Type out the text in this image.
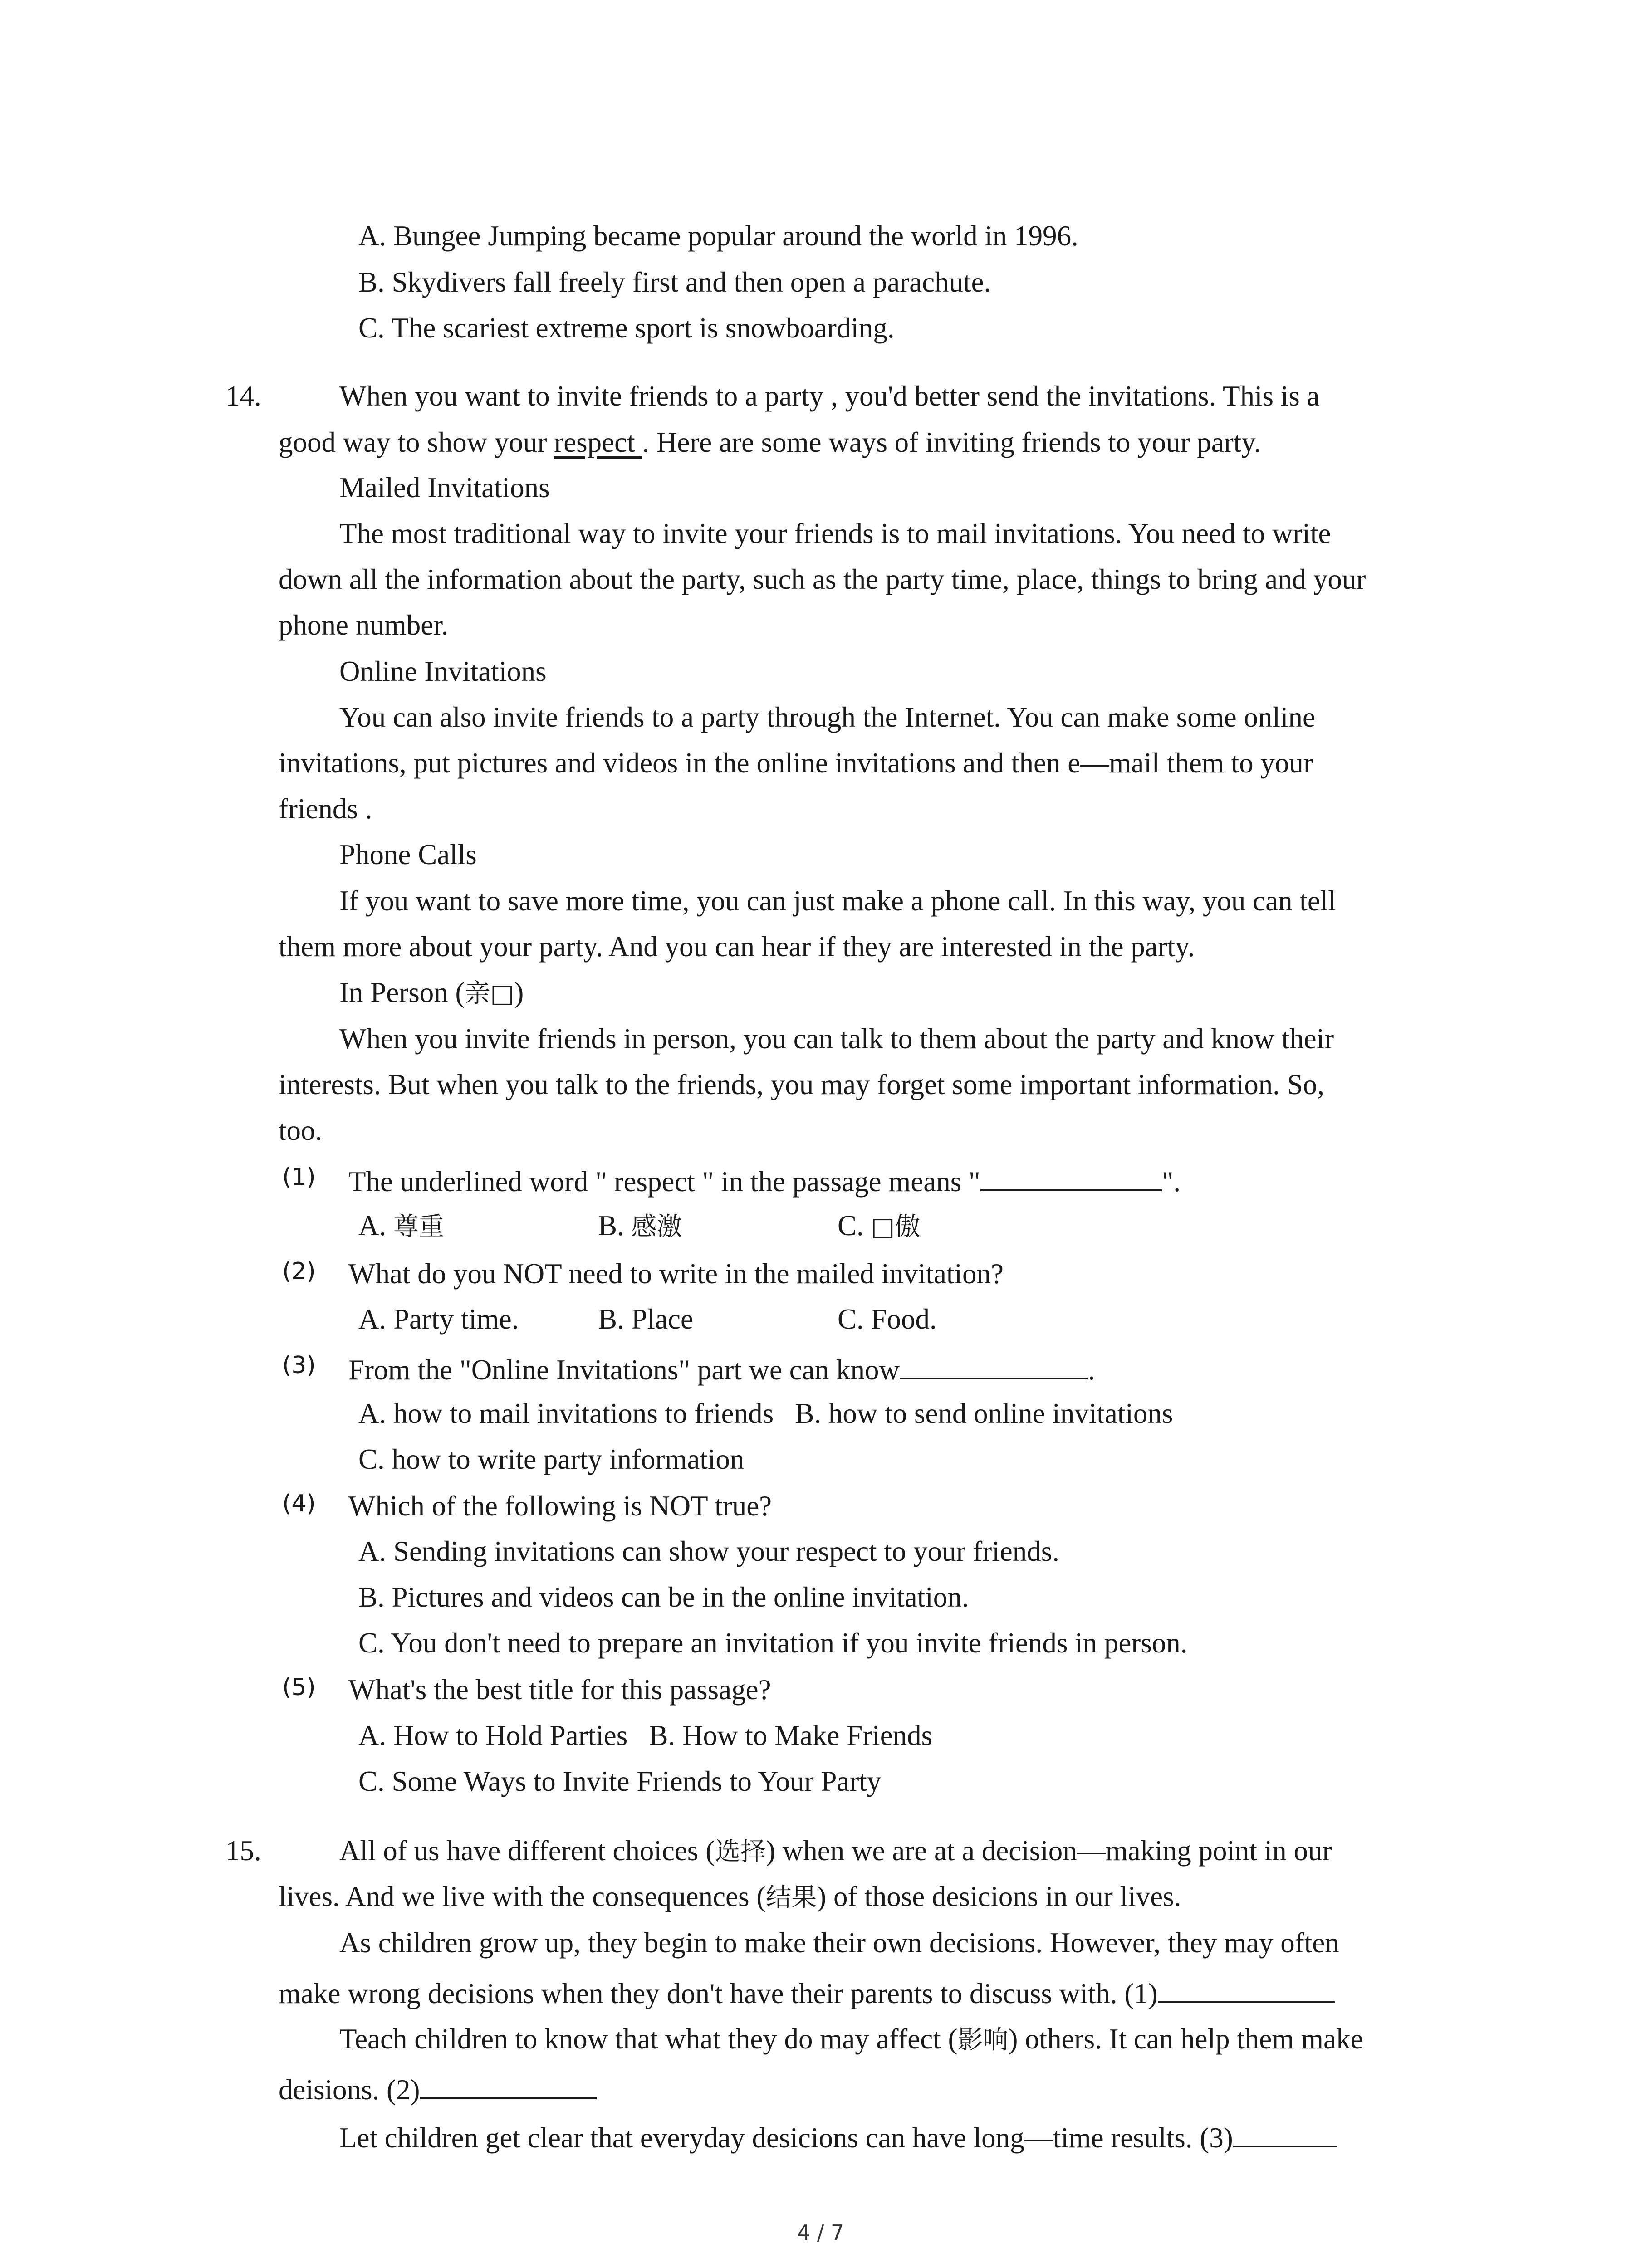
A. Bungee Jumping became popular around the world in 1996.
B. Skydivers fall freely first and then open a parachute.
C. The scariest extreme sport is snowboarding.
14.	When you want to invite friends to a party , you'd better send the invitations. This is a
good way to show your respect . Here are some ways of inviting friends to your party.
Mailed Invitations
The most traditional way to invite your friends is to mail invitations. You need to write
down all the information about the party, such as the party time, place, things to bring and your
phone number.
Online Invitations
You can also invite friends to a party through the Internet. You can make some online
invitations, put pictures and videos in the online invitations and then e—mail them to your
friends .
Phone Calls
If you want to save more time, you can just make a phone call. In this way, you can tell
them more about your party. And you can hear if they are interested in the party.
In Person (亲□)
When you invite friends in person, you can talk to them about the party and know their
interests. But when you talk to the friends, you may forget some important information. So,
too.
(1) The underlined word " respect " in the passage means "	".
A. 尊重	B. 感激	C. □傲
(2) What do you NOT need to write in the mailed invitation?
A. Party time.	B. Place	C. Food.
(3) From the "Online Invitations" part we can know	.
A. how to mail invitations to friends   B. how to send online invitations
C. how to write party information
(4) Which of the following is NOT true?
A. Sending invitations can show your respect to your friends.
B. Pictures and videos can be in the online invitation.
C. You don't need to prepare an invitation if you invite friends in person.
(5) What's the best title for this passage?
A. How to Hold Parties   B. How to Make Friends
C. Some Ways to Invite Friends to Your Party
15.	All of us have different choices (选择) when we are at a decision—making point in our
lives. And we live with the consequences (结果) of those desicions in our lives.
As children grow up, they begin to make their own decisions. However, they may often
make wrong decisions when they don't have their parents to discuss with. (1)
Teach children to know that what they do may affect (影响) others. It can help them make
deisions. (2)
Let children get clear that everyday desicions can have long—time results. (3)
4 / 7
